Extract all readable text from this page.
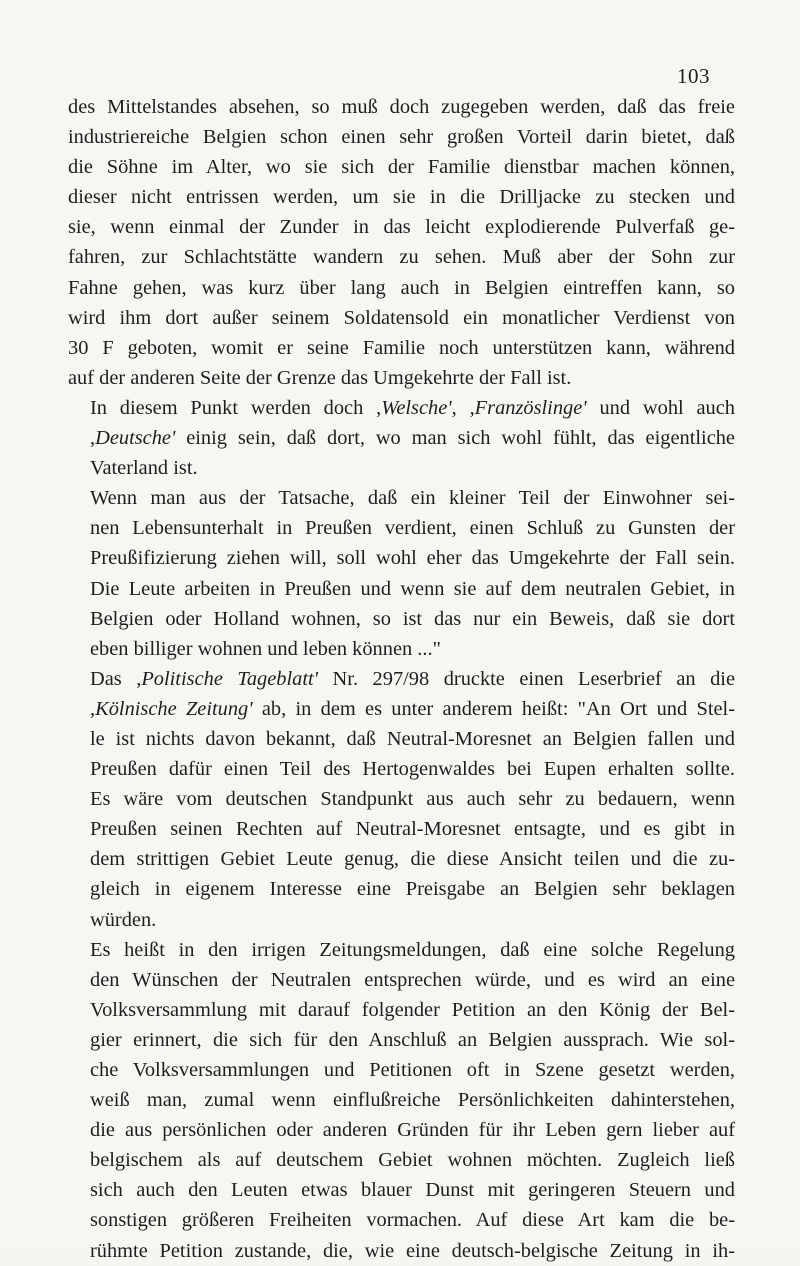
103

des Mittelstandes absehen, so muß doch zugegeben werden, daß das freie
industriereiche Belgien schon einen sehr großen Vorteil darin bietet, daß
die Söhne im Alter, wo sie sich der Familie dienstbar machen können,
dieser nicht entrissen werden, um sie in die Drilljacke zu stecken und
sie, wenn einmal der Zunder in das leicht explodierende Pulverfaß ge-
fahren, zur Schlachtstätte wandern zu sehen. Muß aber der Sohn zur
Fahne gehen, was kurz über lang auch in Belgien eintreffen kann, so
wird ihm dort außer seinem Soldatensold ein monatlicher Verdienst von
30 F geboten, womit er seine Familie noch unterstützen kann, während
auf der anderen Seite der Grenze das Umgekehrte der Fall ist.

In diesem Punkt werden doch ,Welsche', ,Französlinge' und wohl auch
,Deutsche' einig sein, daß dort, wo man sich wohl fühlt, das eigentliche
Vaterland ist.

Wenn man aus der Tatsache, daß ein kleiner Teil der Einwohner sei-
nen Lebensunterhalt in Preußen verdient, einen Schluß zu Gunsten der
Preußifizierung ziehen will, soll wohl eher das Umgekehrte der Fall sein.
Die Leute arbeiten in Preußen und wenn sie auf dem neutralen Gebiet, in
Belgien oder Holland wohnen, so ist das nur ein Beweis, daß sie dort
eben billiger wohnen und leben können ..."

Das ,Politische Tageblatt' Nr. 297/98 druckte einen Leserbrief an die
,Kölnische Zeitung' ab, in dem es unter anderem heißt: "An Ort und Stel-
le ist nichts davon bekannt, daß Neutral-Moresnet an Belgien fallen und
Preußen dafür einen Teil des Hertogenwaldes bei Eupen erhalten sollte.
Es wäre vom deutschen Standpunkt aus auch sehr zu bedauern, wenn
Preußen seinen Rechten auf Neutral-Moresnet entsagte, und es gibt in
dem strittigen Gebiet Leute genug, die diese Ansicht teilen und die zu-
gleich in eigenem Interesse eine Preisgabe an Belgien sehr beklagen
würden.

Es heißt in den irrigen Zeitungsmeldungen, daß eine solche Regelung
den Wünschen der Neutralen entsprechen würde, und es wird an eine
Volksversammlung mit darauf folgender Petition an den König der Bel-
gier erinnert, die sich für den Anschluß an Belgien aussprach. Wie sol-
che Volksversammlungen und Petitionen oft in Szene gesetzt werden,
weiß man, zumal wenn einflußreiche Persönlichkeiten dahinterstehen,
die aus persönlichen oder anderen Gründen für ihr Leben gern lieber auf
belgischem als auf deutschem Gebiet wohnen möchten. Zugleich ließ
sich auch den Leuten etwas blauer Dunst mit geringeren Steuern und
sonstigen größeren Freiheiten vormachen. Auf diese Art kam die be-
rühmte Petition zustande, die, wie eine deutsch-belgische Zeitung in ih-
